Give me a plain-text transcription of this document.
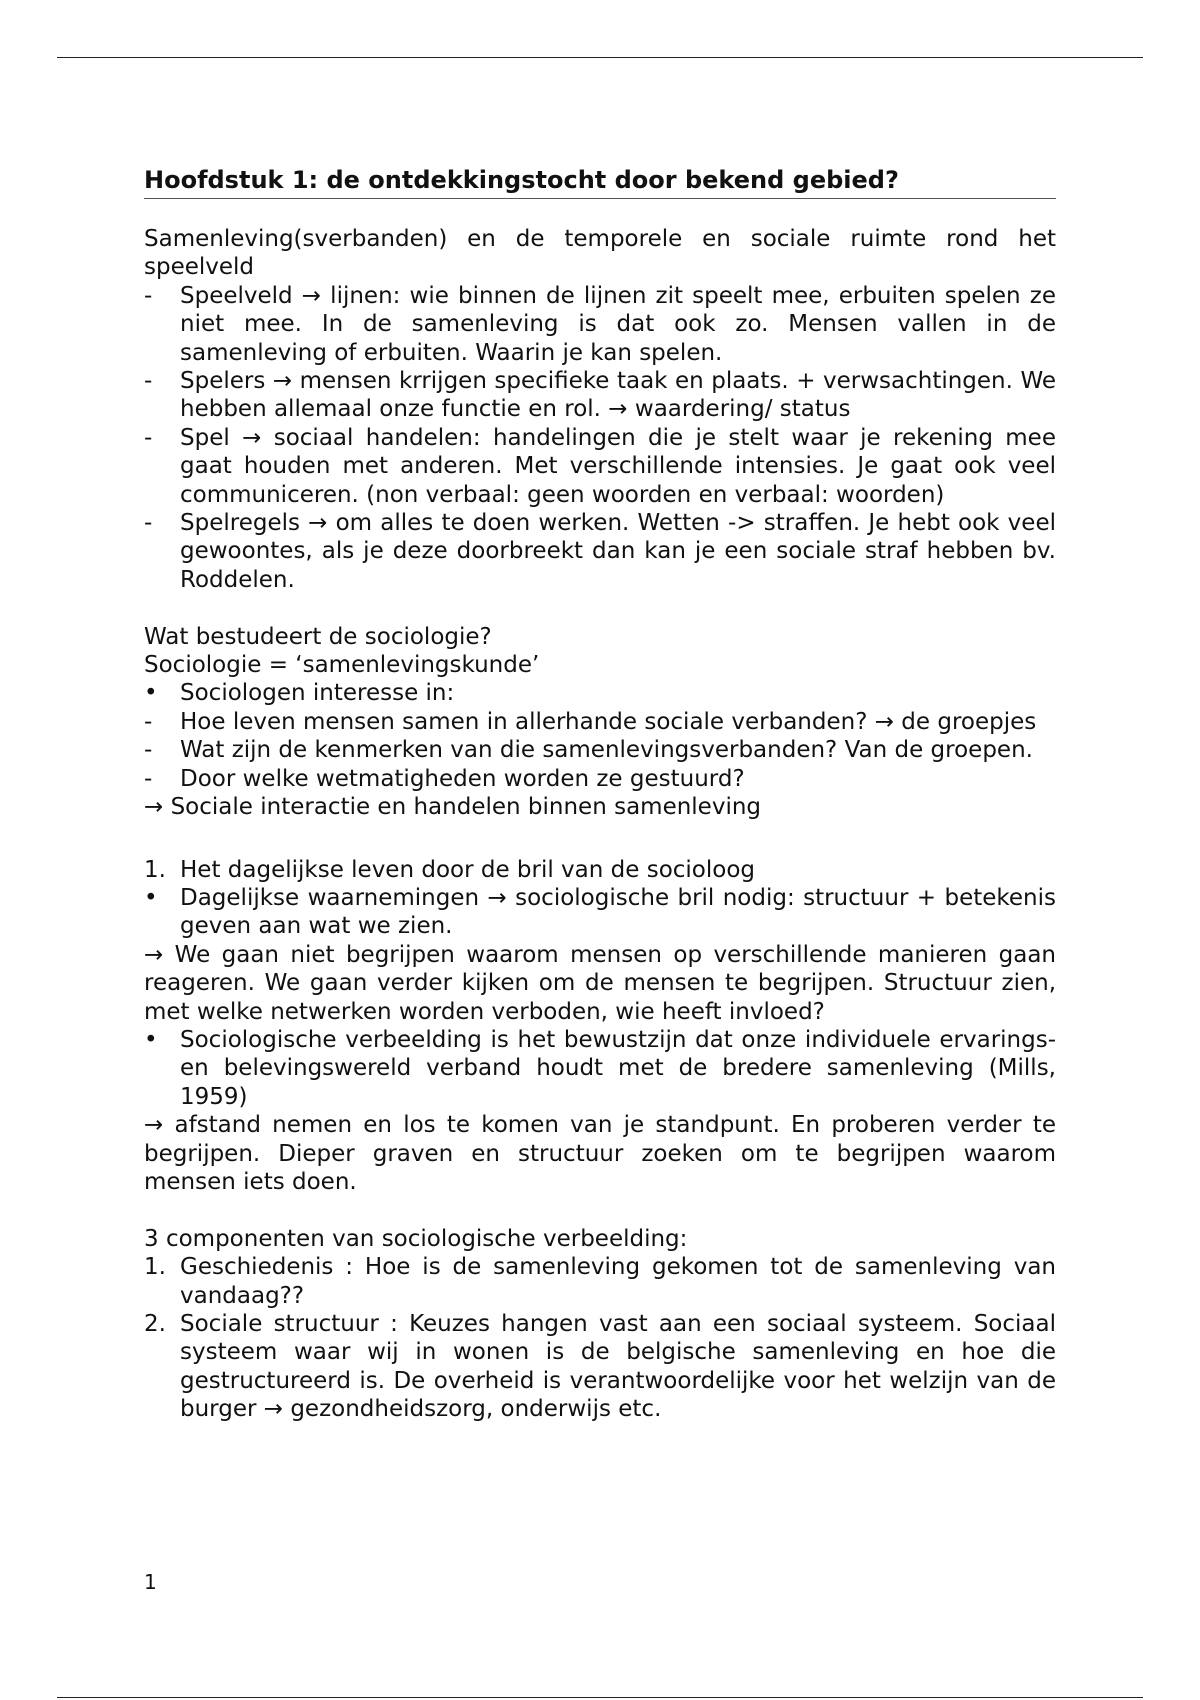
Hoofdstuk 1: de ontdekkingstocht door bekend gebied?

Samenleving(sverbanden) en de temporele en sociale ruimte rond het speelveld

- Speelveld → lijnen: wie binnen de lijnen zit speelt mee, erbuiten spelen ze niet mee. In de samenleving is dat ook zo. Mensen vallen in de samenleving of erbuiten. Waarin je kan spelen.
- Spelers → mensen krrijgen specifieke taak en plaats. + verwsachtingen. We hebben allemaal onze functie en rol. → waardering/ status
- Spel → sociaal handelen: handelingen die je stelt waar je rekening mee gaat houden met anderen. Met verschillende intensies. Je gaat ook veel communiceren. (non verbaal: geen woorden en verbaal: woorden)
- Spelregels → om alles te doen werken. Wetten -> straffen. Je hebt ook veel gewoontes, als je deze doorbreekt dan kan je een sociale straf hebben bv. Roddelen.

Wat bestudeert de sociologie?

Sociologie = ‘samenlevingskunde’

• Sociologen interesse in:
- Hoe leven mensen samen in allerhande sociale verbanden? → de groepjes
- Wat zijn de kenmerken van die samenlevingsverbanden? Van de groepen.
- Door welke wetmatigheden worden ze gestuurd?

→ Sociale interactie en handelen binnen samenleving

1. Het dagelijkse leven door de bril van de socioloog
• Dagelijkse waarnemingen → sociologische bril nodig: structuur + betekenis geven aan wat we zien.

→ We gaan niet begrijpen waarom mensen op verschillende manieren gaan reageren. We gaan verder kijken om de mensen te begrijpen. Structuur zien, met welke netwerken worden verboden, wie heeft invloed?

• Sociologische verbeelding is het bewustzijn dat onze individuele ervarings- en belevingswereld verband houdt met de bredere samenleving (Mills, 1959)

→ afstand nemen en los te komen van je standpunt. En proberen verder te begrijpen. Dieper graven en structuur zoeken om te begrijpen waarom mensen iets doen.

3 componenten van sociologische verbeelding:

1. Geschiedenis : Hoe is de samenleving gekomen tot de samenleving van vandaag??
2. Sociale structuur : Keuzes hangen vast aan een sociaal systeem. Sociaal systeem waar wij in wonen is de belgische samenleving en hoe die gestructureerd is. De overheid is verantwoordelijke voor het welzijn van de burger → gezondheidszorg, onderwijs etc.
1
